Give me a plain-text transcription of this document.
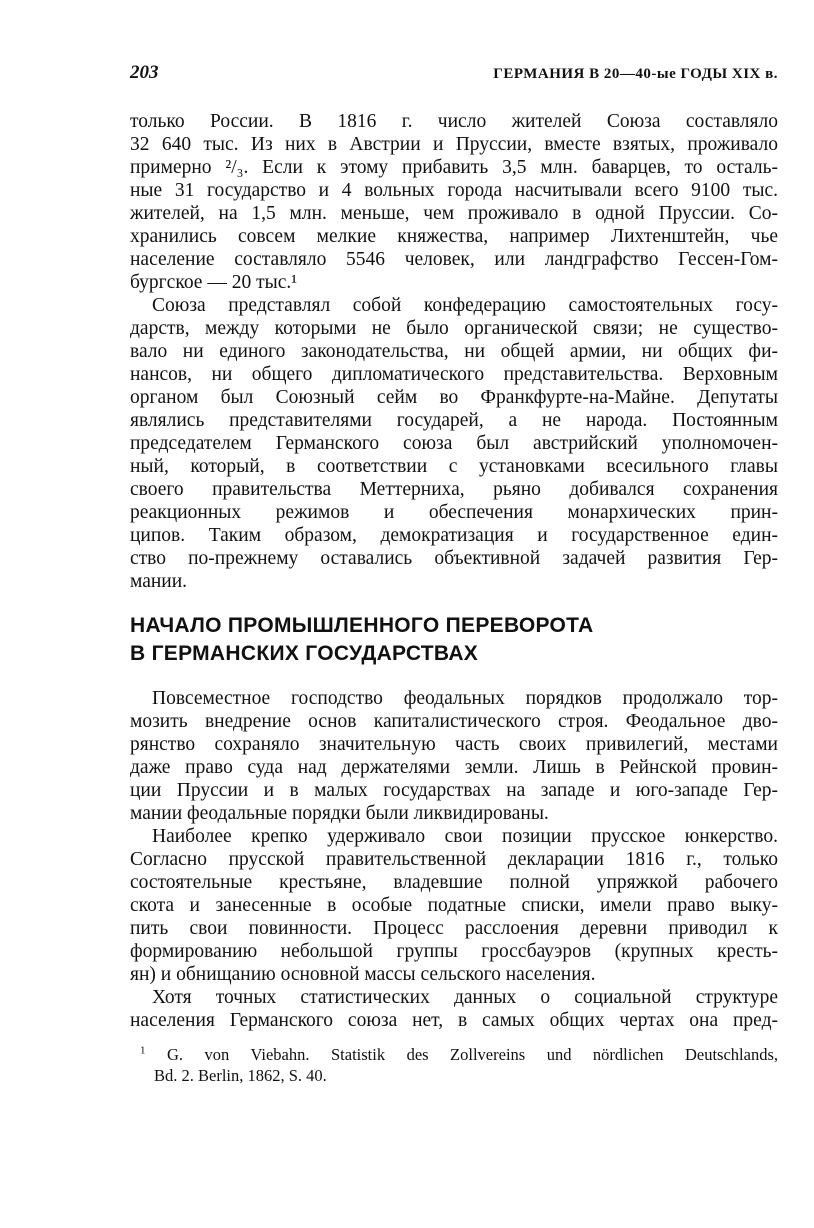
203	ГЕРМАНИЯ В 20—40-ые ГОДЫ XIX в.
только России. В 1816 г. число жителей Союза составляло
32 640 тыс. Из них в Австрии и Пруссии, вместе взятых, проживало
примерно ²/₃. Если к этому прибавить 3,5 млн. баварцев, то осталь-
ные 31 государство и 4 вольных города насчитывали всего 9100 тыс.
жителей, на 1,5 млн. меньше, чем проживало в одной Пруссии. Со-
хранились совсем мелкие княжества, например Лихтенштейн, чье
население составляло 5546 человек, или ландграфство Гессен-Гом-
бургское — 20 тыс.¹
Союза представлял собой конфедерацию самостоятельных госу-
дарств, между которыми не было органической связи; не существо-
вало ни единого законодательства, ни общей армии, ни общих фи-
нансов, ни общего дипломатического представительства. Верховным
органом был Союзный сейм во Франкфурте-на-Майне. Депутаты
являлись представителями государей, а не народа. Постоянным
председателем Германского союза был австрийский уполномочен-
ный, который, в соответствии с установками всесильного главы
своего правительства Меттерниха, рьяно добивался сохранения
реакционных режимов и обеспечения монархических прин-
ципов. Таким образом, демократизация и государственное един-
ство по-прежнему оставались объективной задачей развития Гер-
мании.
НАЧАЛО ПРОМЫШЛЕННОГО ПЕРЕВОРОТА
В ГЕРМАНСКИХ ГОСУДАРСТВАХ
Повсеместное господство феодальных порядков продолжало тор-
мозить внедрение основ капиталистического строя. Феодальное дво-
рянство сохраняло значительную часть своих привилегий, местами
даже право суда над держателями земли. Лишь в Рейнской провин-
ции Пруссии и в малых государствах на западе и юго-западе Гер-
мании феодальные порядки были ликвидированы.
Наиболее крепко удерживало свои позиции прусское юнкерство.
Согласно прусской правительственной декларации 1816 г., только
состоятельные крестьяне, владевшие полной упряжкой рабочего
скота и занесенные в особые податные списки, имели право выку-
пить свои повинности. Процесс расслоения деревни приводил к
формированию небольшой группы гроссбауэров (крупных кресть-
ян) и обнищанию основной массы сельского населения.
Хотя точных статистических данных о социальной структуре
населения Германского союза нет, в самых общих чертах она пред-
$^1$ G. von Viebahn. Statistik des Zollvereins und nördlichen Deutschlands,
Bd. 2. Berlin, 1862, S. 40.
